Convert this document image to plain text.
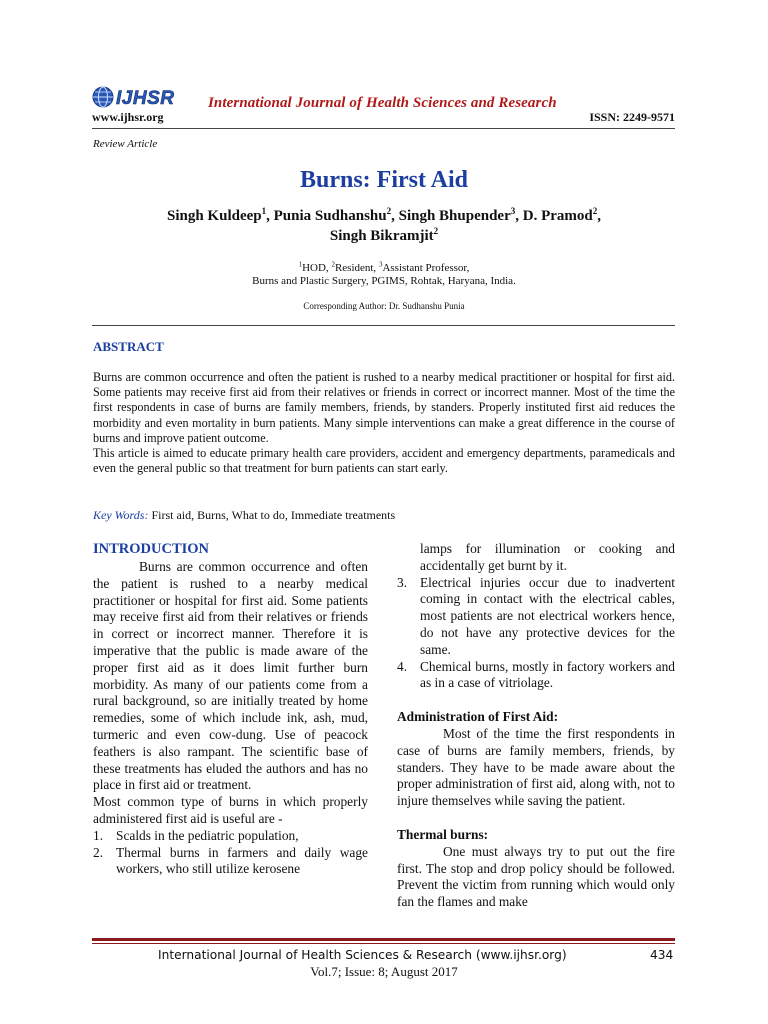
IJHSR International Journal of Health Sciences and Research
www.ijhsr.org	ISSN: 2249-9571
Review Article
Burns: First Aid
Singh Kuldeep$^1$, Punia Sudhanshu$^2$, Singh Bhupender$^3$, D. Pramod$^2$,
Singh Bikramjit$^2$
$^1$HOD, $^2$Resident, $^3$Assistant Professor,
Burns and Plastic Surgery, PGIMS, Rohtak, Haryana, India.
Corresponding Author: Dr. Sudhanshu Punia
ABSTRACT

Burns are common occurrence and often the patient is rushed to a nearby medical practitioner or hospital for first aid. Some patients may receive first aid from their relatives or friends in correct or incorrect manner. Most of the time the first respondents in case of burns are family members, friends, by standers. Properly instituted first aid reduces the morbidity and even mortality in burn patients. Many simple interventions can make a great difference in the course of burns and improve patient outcome.

This article is aimed to educate primary health care providers, accident and emergency departments, paramedicals and even the general public so that treatment for burn patients can start early.

Key Words: First aid, Burns, What to do, Immediate treatments
INTRODUCTION

Burns are common occurrence and often the patient is rushed to a nearby medical practitioner or hospital for first aid. Some patients may receive first aid from their relatives or friends in correct or incorrect manner. Therefore it is imperative that the public is made aware of the proper first aid as it does limit further burn morbidity. As many of our patients come from a rural background, so are initially treated by home remedies, some of which include ink, ash, mud, turmeric and even cow-dung. Use of peacock feathers is also rampant. The scientific base of these treatments has eluded the authors and has no place in first aid or treatment.

Most common type of burns in which properly administered first aid is useful are -

1. Scalds in the pediatric population,
2. Thermal burns in farmers and daily wage workers, who still utilize kerosene
lamps for illumination or cooking and accidentally get burnt by it.
3. Electrical injuries occur due to inadvertent coming in contact with the electrical cables, most patients are not electrical workers hence, do not have any protective devices for the same.
4. Chemical burns, mostly in factory workers and as in a case of vitriolage.

Administration of First Aid:

Most of the time the first respondents in case of burns are family members, friends, by standers. They have to be made aware about the proper administration of first aid, along with, not to injure themselves while saving the patient.

Thermal burns:

One must always try to put out the fire first. The stop and drop policy should be followed. Prevent the victim from running which would only fan the flames and make

International Journal of Health Sciences & Research (www.ijhsr.org)	434
Vol.7; Issue: 8; August 2017
